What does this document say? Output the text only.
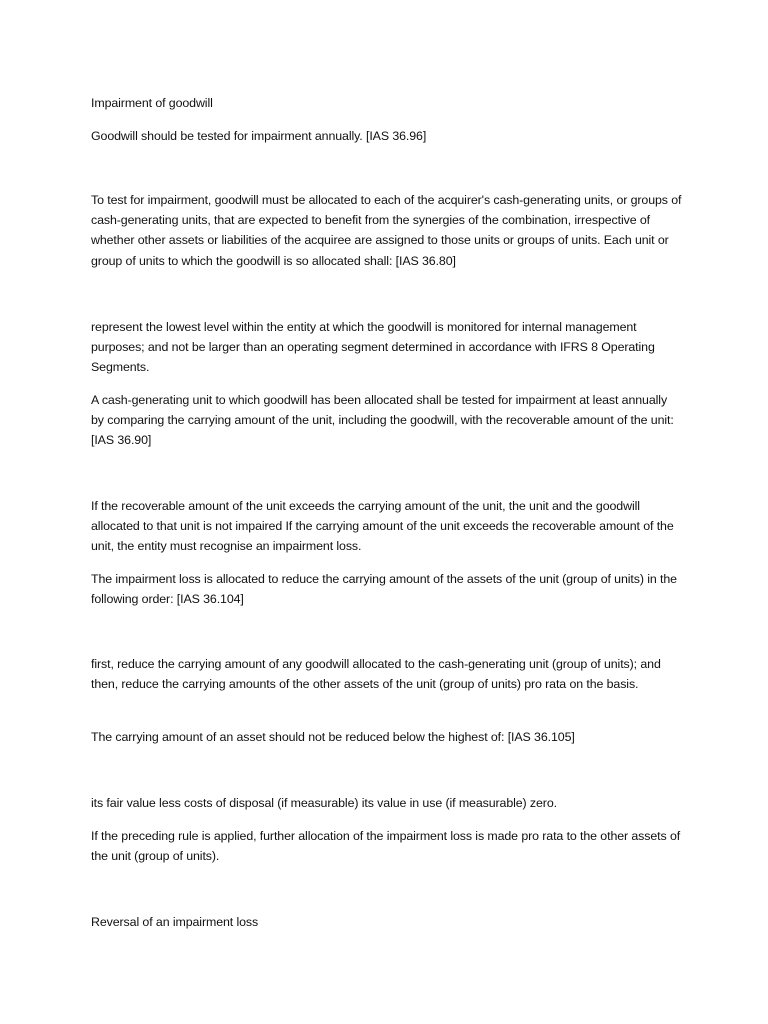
Impairment of goodwill

Goodwill should be tested for impairment annually. [IAS 36.96]

To test for impairment, goodwill must be allocated to each of the acquirer's cash-generating units, or groups of cash-generating units, that are expected to benefit from the synergies of the combination, irrespective of whether other assets or liabilities of the acquiree are assigned to those units or groups of units. Each unit or group of units to which the goodwill is so allocated shall: [IAS 36.80]

represent the lowest level within the entity at which the goodwill is monitored for internal management purposes; and not be larger than an operating segment determined in accordance with IFRS 8 Operating Segments.

A cash-generating unit to which goodwill has been allocated shall be tested for impairment at least annually by comparing the carrying amount of the unit, including the goodwill, with the recoverable amount of the unit: [IAS 36.90]

If the recoverable amount of the unit exceeds the carrying amount of the unit, the unit and the goodwill allocated to that unit is not impaired If the carrying amount of the unit exceeds the recoverable amount of the unit, the entity must recognise an impairment loss.

The impairment loss is allocated to reduce the carrying amount of the assets of the unit (group of units) in the following order: [IAS 36.104]

first, reduce the carrying amount of any goodwill allocated to the cash-generating unit (group of units); and then, reduce the carrying amounts of the other assets of the unit (group of units) pro rata on the basis.

The carrying amount of an asset should not be reduced below the highest of: [IAS 36.105]

its fair value less costs of disposal (if measurable) its value in use (if measurable) zero.

If the preceding rule is applied, further allocation of the impairment loss is made pro rata to the other assets of the unit (group of units).

Reversal of an impairment loss
